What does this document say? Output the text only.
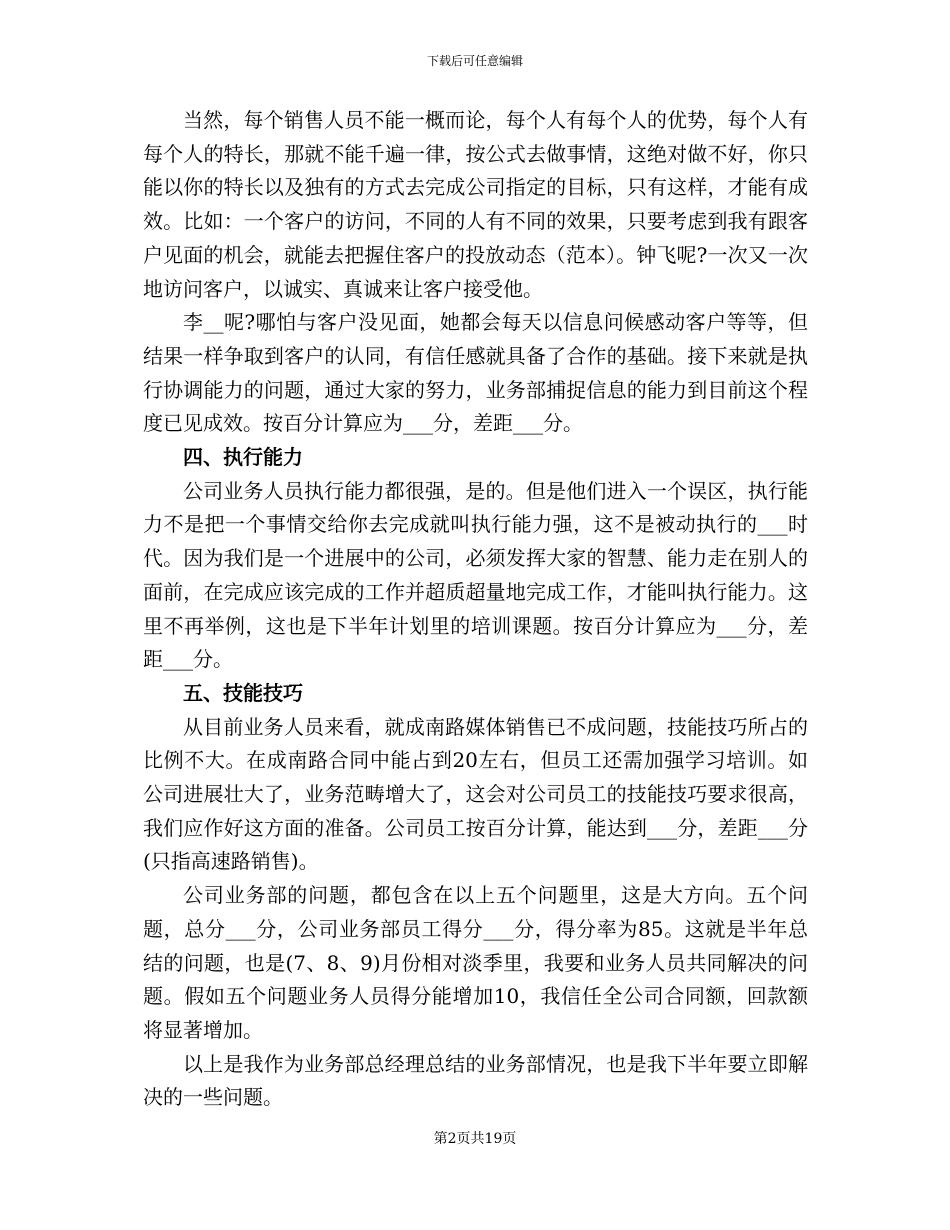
下载后可任意编辑

当然，每个销售人员不能一概而论，每个人有每个人的优势，每个人有每个人的特长，那就不能千遍一律，按公式去做事情，这绝对做不好，你只能以你的特长以及独有的方式去完成公司指定的目标，只有这样，才能有成效。比如：一个客户的访问，不同的人有不同的效果，只要考虑到我有跟客户见面的机会，就能去把握住客户的投放动态（范本）。钟飞呢?一次又一次地访问客户，以诚实、真诚来让客户接受他。

李__呢?哪怕与客户没见面，她都会每天以信息问候感动客户等等，但结果一样争取到客户的认同，有信任感就具备了合作的基础。接下来就是执行协调能力的问题，通过大家的努力，业务部捕捉信息的能力到目前这个程度已见成效。按百分计算应为___分，差距___分。

四、执行能力

公司业务人员执行能力都很强，是的。但是他们进入一个误区，执行能力不是把一个事情交给你去完成就叫执行能力强，这不是被动执行的___时代。因为我们是一个进展中的公司，必须发挥大家的智慧、能力走在别人的面前，在完成应该完成的工作并超质超量地完成工作，才能叫执行能力。这里不再举例，这也是下半年计划里的培训课题。按百分计算应为___分，差距___分。

五、技能技巧

从目前业务人员来看，就成南路媒体销售已不成问题，技能技巧所占的比例不大。在成南路合同中能占到20左右，但员工还需加强学习培训。如公司进展壮大了，业务范畴增大了，这会对公司员工的技能技巧要求很高，我们应作好这方面的准备。公司员工按百分计算，能达到___分，差距___分(只指高速路销售)。

公司业务部的问题，都包含在以上五个问题里，这是大方向。五个问题，总分___分，公司业务部员工得分___分，得分率为85。这就是半年总结的问题，也是(7、8、9)月份相对淡季里，我要和业务人员共同解决的问题。假如五个问题业务人员得分能增加10，我信任全公司合同额，回款额将显著增加。

以上是我作为业务部总经理总结的业务部情况，也是我下半年要立即解决的一些问题。

第2页共19页
